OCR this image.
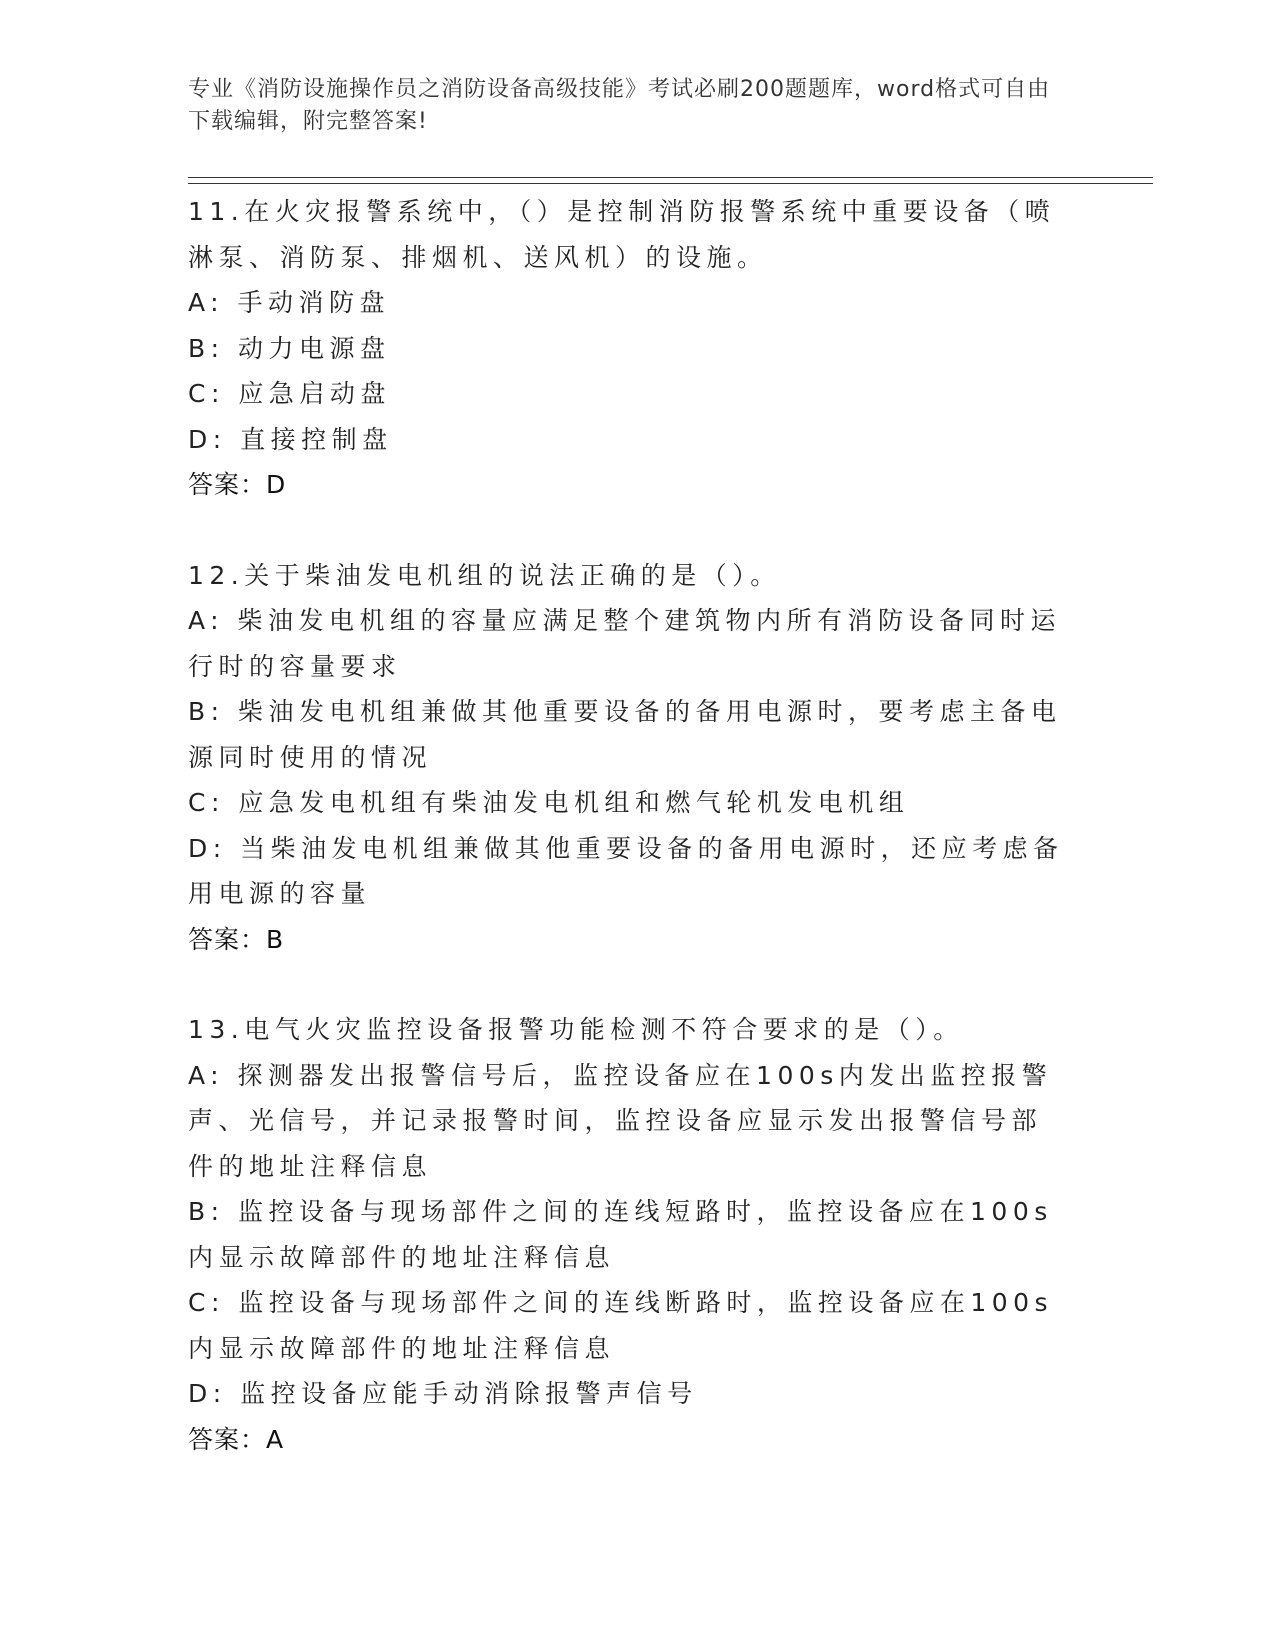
专业《消防设施操作员之消防设备高级技能》考试必刷200题题库，word格式可自由下载编辑，附完整答案!
11.在火灾报警系统中，（）是控制消防报警系统中重要设备（喷淋泵、消防泵、排烟机、送风机）的设施。
A: 手动消防盘
B: 动力电源盘
C: 应急启动盘
D: 直接控制盘
答案：D
12.关于柴油发电机组的说法正确的是（）。
A: 柴油发电机组的容量应满足整个建筑物内所有消防设备同时运行时的容量要求
B: 柴油发电机组兼做其他重要设备的备用电源时，要考虑主备电源同时使用的情况
C: 应急发电机组有柴油发电机组和燃气轮机发电机组
D: 当柴油发电机组兼做其他重要设备的备用电源时，还应考虑备用电源的容量
答案：B
13.电气火灾监控设备报警功能检测不符合要求的是（）。
A: 探测器发出报警信号后，监控设备应在100s内发出监控报警声、光信号，并记录报警时间，监控设备应显示发出报警信号部件的地址注释信息
B: 监控设备与现场部件之间的连线短路时，监控设备应在100s内显示故障部件的地址注释信息
C: 监控设备与现场部件之间的连线断路时，监控设备应在100s内显示故障部件的地址注释信息
D: 监控设备应能手动消除报警声信号
答案：A
